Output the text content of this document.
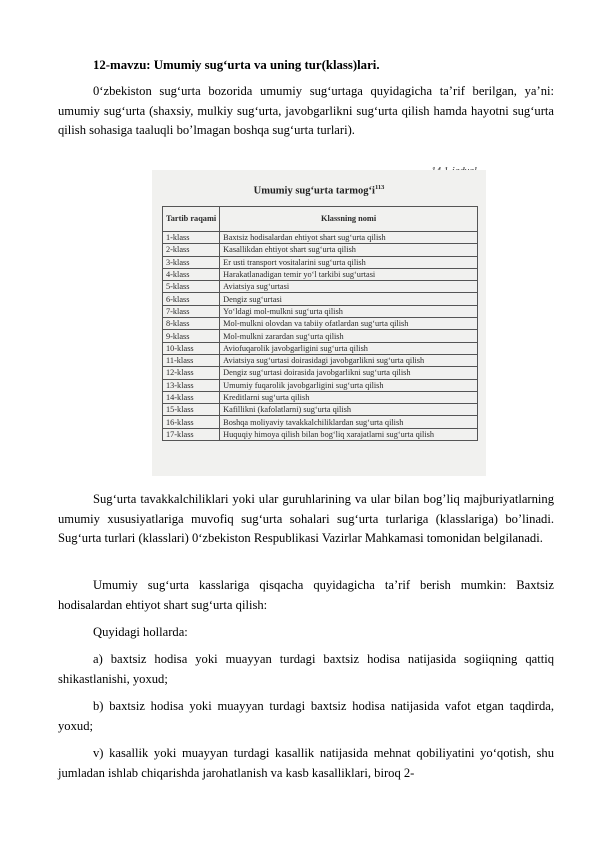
12-mavzu: Umumiy sug‘urta va uning tur(klass)lari.

0‘zbekiston sug‘urta bozorida umumiy sug‘urtaga quyidagicha ta’rif berilgan, ya’ni: umumiy sug‘urta (shaxsiy, mulkiy sug‘urta, javobgarlikni sug‘urta qilish hamda hayotni sug‘urta qilish sohasiga taaluqli bo’lmagan boshqa sug‘urta turlari).

Umumiy sug‘urta $tarmog‘i^{113}$
Tartib raqami	Klassning nomi
1-klass	Baxtsiz hodisalardan ehtiyot shart sug‘urta qilish
2-klass	Kasallikdan ehtiyot shart sug‘urta qilish
3-klass	Er usti transport vositalarini sug‘urta qilish
4-klass	Harakatlanadigan temir yo‘l tarkibi sug‘urtasi
5-klass	Aviatsiya sug‘urtasi
6-klass	Dengiz sug‘urtasi
7-klass	Yo‘ldagi mol-mulkni sug‘urta qilish
8-klass	Mol-mulkni olovdan va tabiiy ofatlardan sug‘urta qilish
9-klass	Mol-mulkni zarardan sug‘urta qilish
10-klass	Aviofuqarolik javobgarligini sug‘urta qilish
11-klass	Aviatsiya sug‘urtasi doirasidagi javobgarlikni sug‘urta qilish
12-klass	Dengiz sug‘urtasi doirasida javobgarlikni sug‘urta qilish
13-klass	Umumiy fuqarolik javobgarligini sug‘urta qilish
14-klass	Kreditlarni sug‘urta qilish
15-klass	Kafillikni (kafolatlarni) sug‘urta qilish
16-klass	Boshqa moliyaviy tavakkalchiliklardan sug‘urta qilish
17-klass	Huquqiy himoya qilish bilan bog‘liq xarajatlarni sug‘urta qilish

Sug‘urta tavakkalchiliklari yoki ular guruhlarining va ular bilan bog’liq majburiyatlarning umumiy xususiyatlariga muvofiq sug‘urta sohalari sug‘urta turlariga (klasslariga) bo’linadi. Sug‘urta turlari (klasslari) 0‘zbekiston Respublikasi Vazirlar Mahkamasi tomonidan belgilanadi.

Umumiy sug‘urta kasslariga qisqacha quyidagicha ta’rif berish mumkin: Baxtsiz hodisalardan ehtiyot shart sug‘urta qilish:

Quyidagi hollarda:

a) baxtsiz hodisa yoki muayyan turdagi baxtsiz hodisa natijasida sogiiqning qattiq shikastlanishi, yoxud;

b) baxtsiz hodisa yoki muayyan turdagi baxtsiz hodisa natijasida vafot etgan taqdirda, yoxud;

v) kasallik yoki muayyan turdagi kasallik natijasida mehnat qobiliyatini yo‘qotish, shu jumladan ishlab chiqarishda jarohatlanish va kasb kasalliklari, biroq 2-
